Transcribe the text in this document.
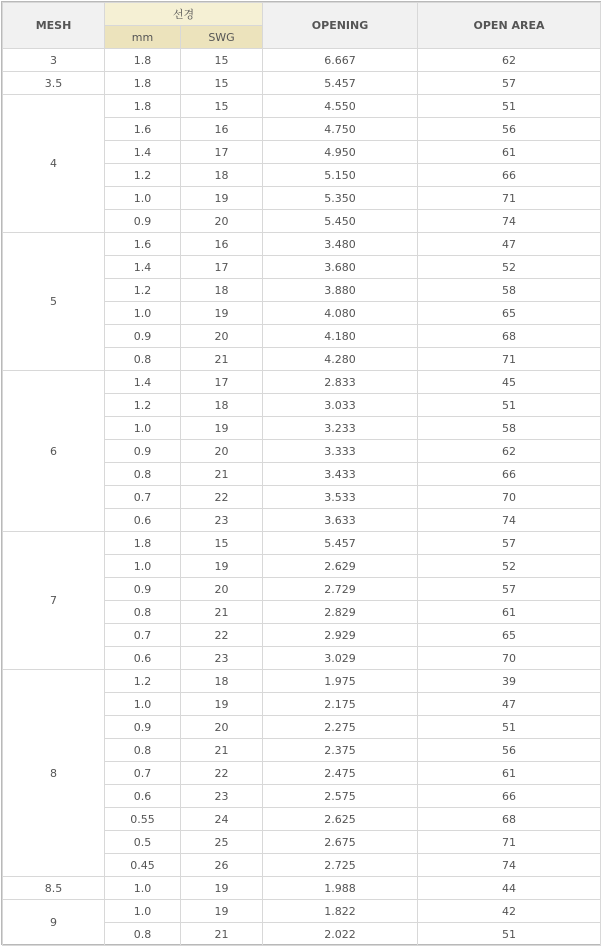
MESH	선경		OPENING	OPEN AREA
	mm	SWG		
3	1.8	15	6.667	62
3.5	1.8	15	5.457	57
4	1.8	15	4.550	51
	1.6	16	4.750	56
	1.4	17	4.950	61
	1.2	18	5.150	66
	1.0	19	5.350	71
	0.9	20	5.450	74
5	1.6	16	3.480	47
	1.4	17	3.680	52
	1.2	18	3.880	58
	1.0	19	4.080	65
	0.9	20	4.180	68
	0.8	21	4.280	71
6	1.4	17	2.833	45
	1.2	18	3.033	51
	1.0	19	3.233	58
	0.9	20	3.333	62
	0.8	21	3.433	66
	0.7	22	3.533	70
	0.6	23	3.633	74
7	1.8	15	5.457	57
	1.0	19	2.629	52
	0.9	20	2.729	57
	0.8	21	2.829	61
	0.7	22	2.929	65
	0.6	23	3.029	70
8	1.2	18	1.975	39
	1.0	19	2.175	47
	0.9	20	2.275	51
	0.8	21	2.375	56
	0.7	22	2.475	61
	0.6	23	2.575	66
	0.55	24	2.625	68
	0.5	25	2.675	71
	0.45	26	2.725	74
8.5	1.0	19	1.988	44
9	1.0	19	1.822	42
	0.8	21	2.022	51
